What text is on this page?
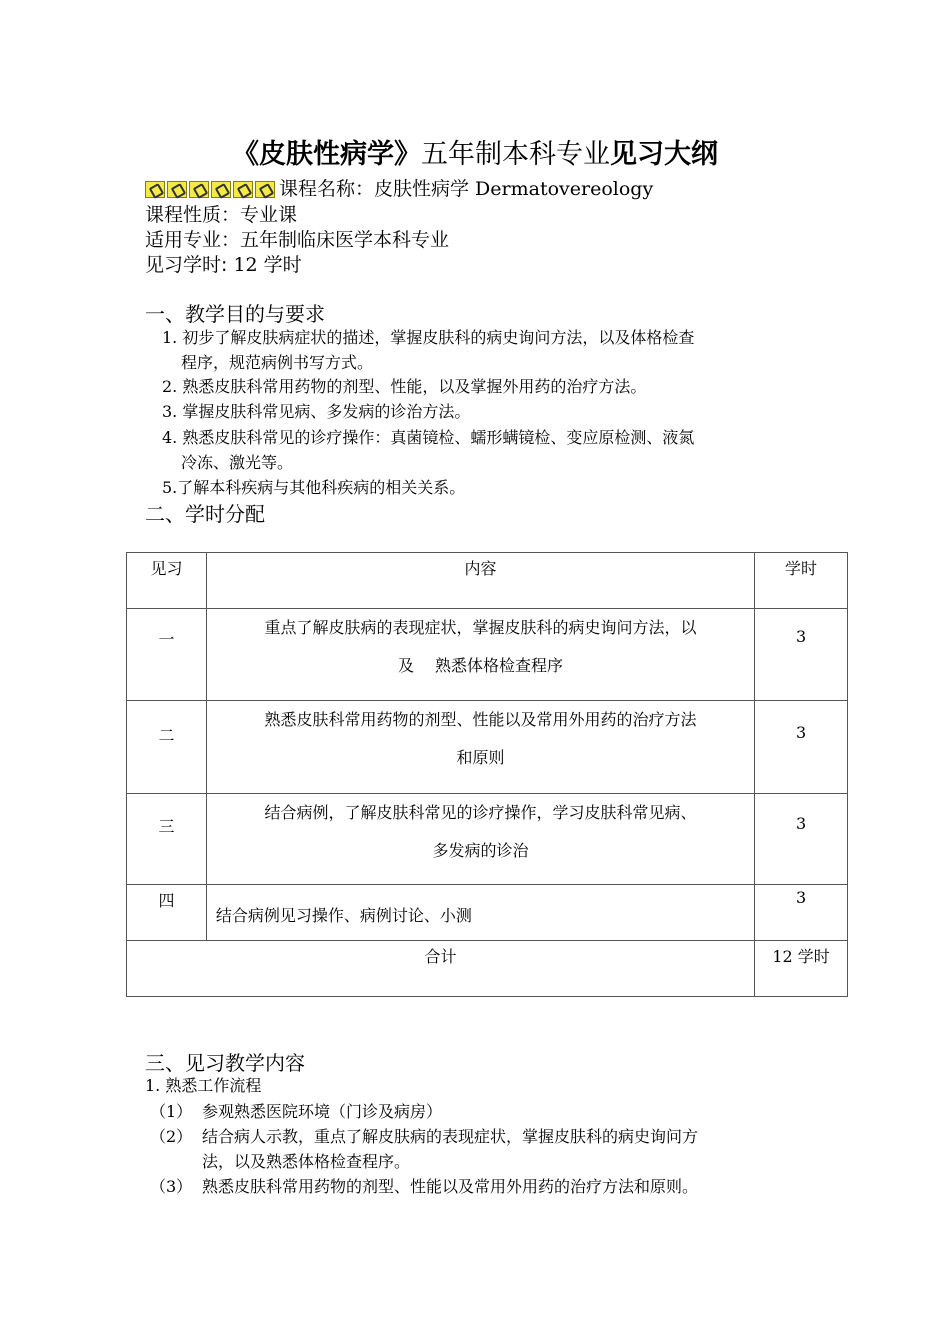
《皮肤性病学》五年制本科专业见习大纲
课程名称：皮肤性病学 Dermatovereology
课程性质：专业课
适用专业：五年制临床医学本科专业
见习学时: 12 学时
一、教学目的与要求
1. 初步了解皮肤病症状的描述，掌握皮肤科的病史询问方法，以及体格检查
程序，规范病例书写方式。
2. 熟悉皮肤科常用药物的剂型、性能，以及掌握外用药的治疗方法。
3. 掌握皮肤科常见病、多发病的诊治方法。
4. 熟悉皮肤科常见的诊疗操作：真菌镜检、蠕形螨镜检、变应原检测、液氮
冷冻、激光等。
5.了解本科疾病与其他科疾病的相关关系。
二、学时分配
见习	内容	学时

一	重点了解皮肤病的表现症状，掌握皮肤科的病史询问方法，以
及　 熟悉体格检查程序	3

二	熟悉皮肤科常用药物的剂型、性能以及常用外用药的治疗方法
和原则	3

三	结合病例，了解皮肤科常见的诊疗操作，学习皮肤科常见病、
多发病的诊治	3

四	结合病例见习操作、病例讨论、小测	3

合计		12 学时
三、见习教学内容
1. 熟悉工作流程
（1） 参观熟悉医院环境（门诊及病房）
（2） 结合病人示教，重点了解皮肤病的表现症状，掌握皮肤科的病史询问方
法，以及熟悉体格检查程序。
（3） 熟悉皮肤科常用药物的剂型、性能以及常用外用药的治疗方法和原则。
